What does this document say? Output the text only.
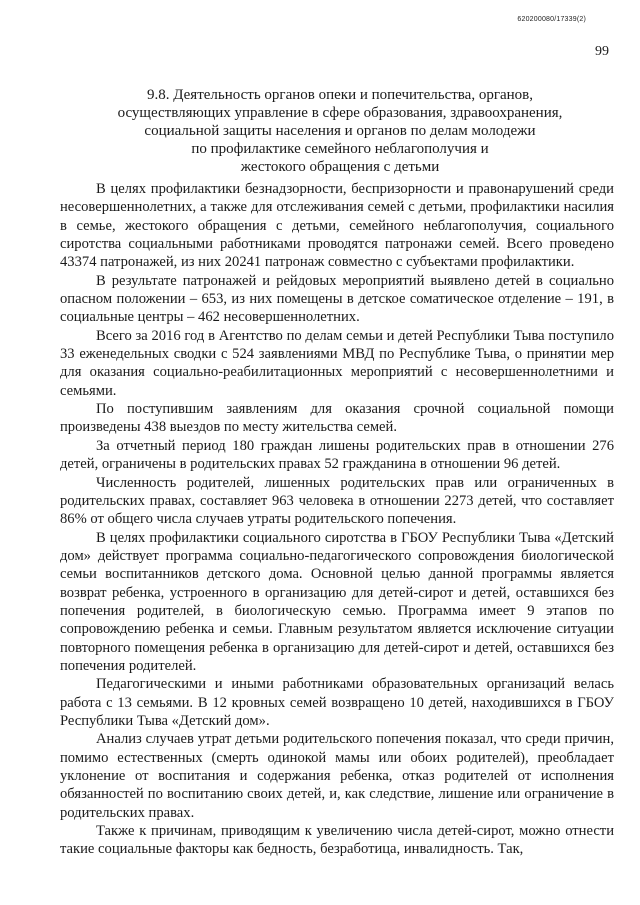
620200080/17339(2)
99
9.8. Деятельность органов опеки и попечительства, органов,
осуществляющих управление в сфере образования, здравоохранения,
социальной защиты населения и органов по делам молодежи
по профилактике семейного неблагополучия и
жестокого обращения с детьми

В целях профилактики безнадзорности, беспризорности и правонарушений среди несовершеннолетних, а также для отслеживания семей с детьми, профилактики насилия в семье, жестокого обращения с детьми, семейного неблагополучия, социального сиротства социальными работниками проводятся патронажи семей. Всего проведено 43374 патронажей, из них 20241 патронаж совместно с субъектами профилактики.

В результате патронажей и рейдовых мероприятий выявлено детей в социально опасном положении – 653, из них помещены в детское соматическое отделение – 191, в социальные центры – 462 несовершеннолетних.

Всего за 2016 год в Агентство по делам семьи и детей Республики Тыва поступило 33 еженедельных сводки с 524 заявлениями МВД по Республике Тыва, о принятии мер для оказания социально-реабилитационных мероприятий с несовершеннолетними и семьями.

По поступившим заявлениям для оказания срочной социальной помощи произведены 438 выездов по месту жительства семей.

За отчетный период 180 граждан лишены родительских прав в отношении 276 детей, ограничены в родительских правах 52 гражданина в отношении 96 детей.

Численность родителей, лишенных родительских прав или ограниченных в родительских правах, составляет 963 человека в отношении 2273 детей, что составляет 86% от общего числа случаев утраты родительского попечения.

В целях профилактики социального сиротства в ГБОУ Республики Тыва «Детский дом» действует программа социально-педагогического сопровождения биологической семьи воспитанников детского дома. Основной целью данной программы является возврат ребенка, устроенного в организацию для детей-сирот и детей, оставшихся без попечения родителей, в биологическую семью. Программа имеет 9 этапов по сопровождению ребенка и семьи. Главным результатом является исключение ситуации повторного помещения ребенка в организацию для детей-сирот и детей, оставшихся без попечения родителей.

Педагогическими и иными работниками образовательных организаций велась работа с 13 семьями. В 12 кровных семей возвращено 10 детей, находившихся в ГБОУ Республики Тыва «Детский дом».

Анализ случаев утрат детьми родительского попечения показал, что среди причин, помимо естественных (смерть одинокой мамы или обоих родителей), преобладает уклонение от воспитания и содержания ребенка, отказ родителей от исполнения обязанностей по воспитанию своих детей, и, как следствие, лишение или ограничение в родительских правах.

Также к причинам, приводящим к увеличению числа детей-сирот, можно отнести такие социальные факторы как бедность, безработица, инвалидность. Так,
